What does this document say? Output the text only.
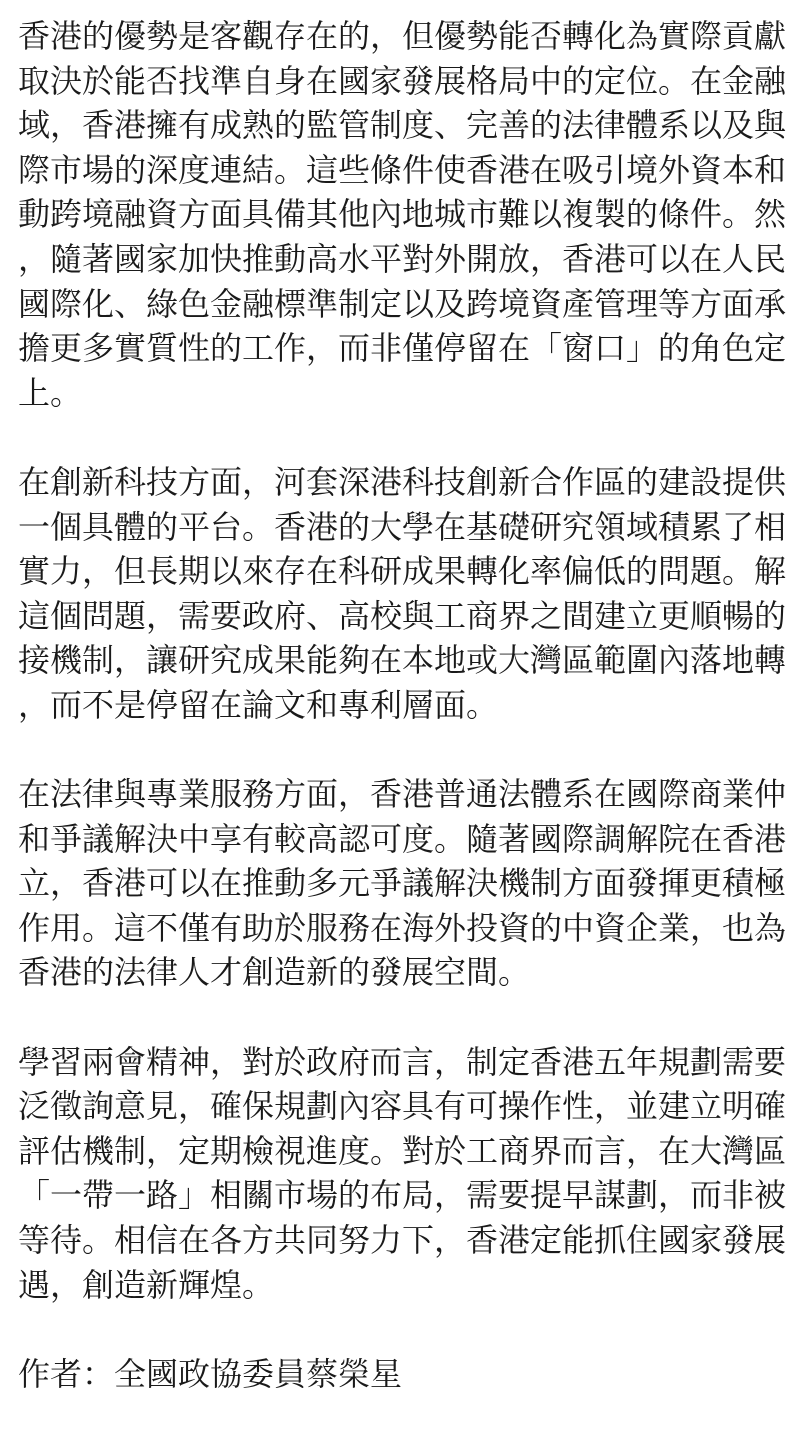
香港的優勢是客觀存在的，但優勢能否轉化為實際貢獻
取決於能否找準自身在國家發展格局中的定位。在金融
域，香港擁有成熟的監管制度、完善的法律體系以及與
際市場的深度連結。這些條件使香港在吸引境外資本和
動跨境融資方面具備其他內地城市難以複製的條件。然
，隨著國家加快推動高水平對外開放，香港可以在人民
國際化、綠色金融標準制定以及跨境資產管理等方面承
擔更多實質性的工作，而非僅停留在「窗口」的角色定
上。
在創新科技方面，河套深港科技創新合作區的建設提供
一個具體的平台。香港的大學在基礎研究領域積累了相
實力，但長期以來存在科研成果轉化率偏低的問題。解
這個問題，需要政府、高校與工商界之間建立更順暢的
接機制，讓研究成果能夠在本地或大灣區範圍內落地轉
，而不是停留在論文和專利層面。
在法律與專業服務方面，香港普通法體系在國際商業仲
和爭議解決中享有較高認可度。隨著國際調解院在香港
立，香港可以在推動多元爭議解決機制方面發揮更積極
作用。這不僅有助於服務在海外投資的中資企業，也為
香港的法律人才創造新的發展空間。
學習兩會精神，對於政府而言，制定香港五年規劃需要
泛徵詢意見，確保規劃內容具有可操作性，並建立明確
評估機制，定期檢視進度。對於工商界而言，在大灣區
「一帶一路」相關市場的布局，需要提早謀劃，而非被
等待。相信在各方共同努力下，香港定能抓住國家發展
遇，創造新輝煌。
作者：全國政協委員蔡榮星
